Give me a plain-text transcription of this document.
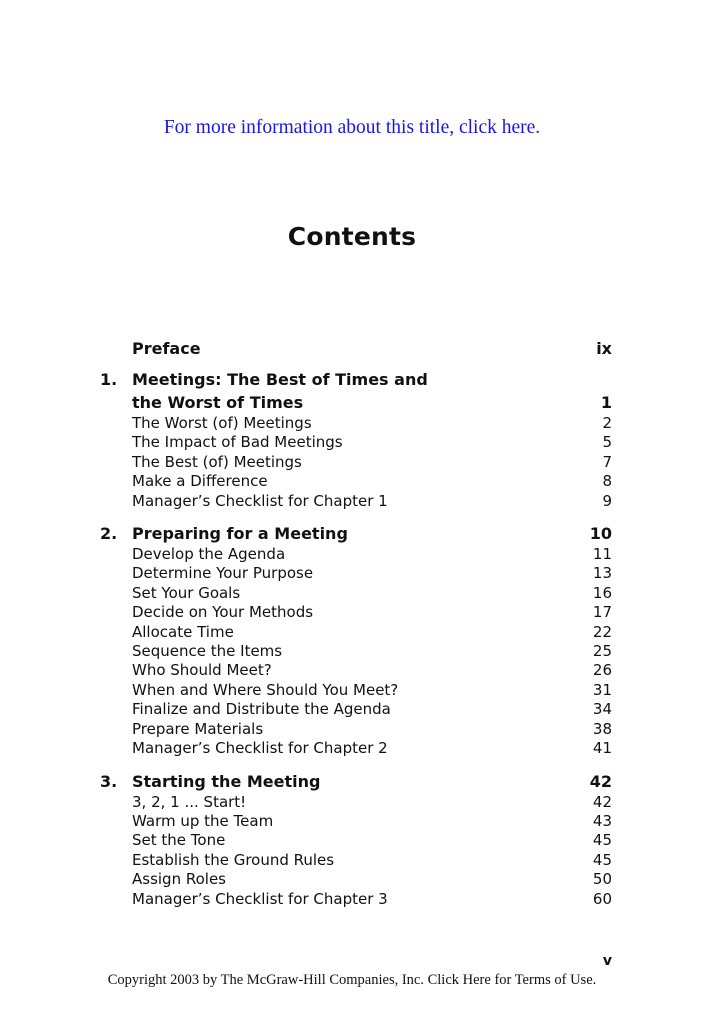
For more information about this title, click here.
Contents
Preface	ix
1. Meetings: The Best of Times and
the Worst of Times	1
The Worst (of) Meetings	2
The Impact of Bad Meetings	5
The Best (of) Meetings	7
Make a Difference	8
Manager’s Checklist for Chapter 1	9
2. Preparing for a Meeting	10
Develop the Agenda	11
Determine Your Purpose	13
Set Your Goals	16
Decide on Your Methods	17
Allocate Time	22
Sequence the Items	25
Who Should Meet?	26
When and Where Should You Meet?	31
Finalize and Distribute the Agenda	34
Prepare Materials	38
Manager’s Checklist for Chapter 2	41
3. Starting the Meeting	42
3, 2, 1 ... Start!	42
Warm up the Team	43
Set the Tone	45
Establish the Ground Rules	45
Assign Roles	50
Manager’s Checklist for Chapter 3	60
v
Copyright 2003 by The McGraw-Hill Companies, Inc. Click Here for Terms of Use.
